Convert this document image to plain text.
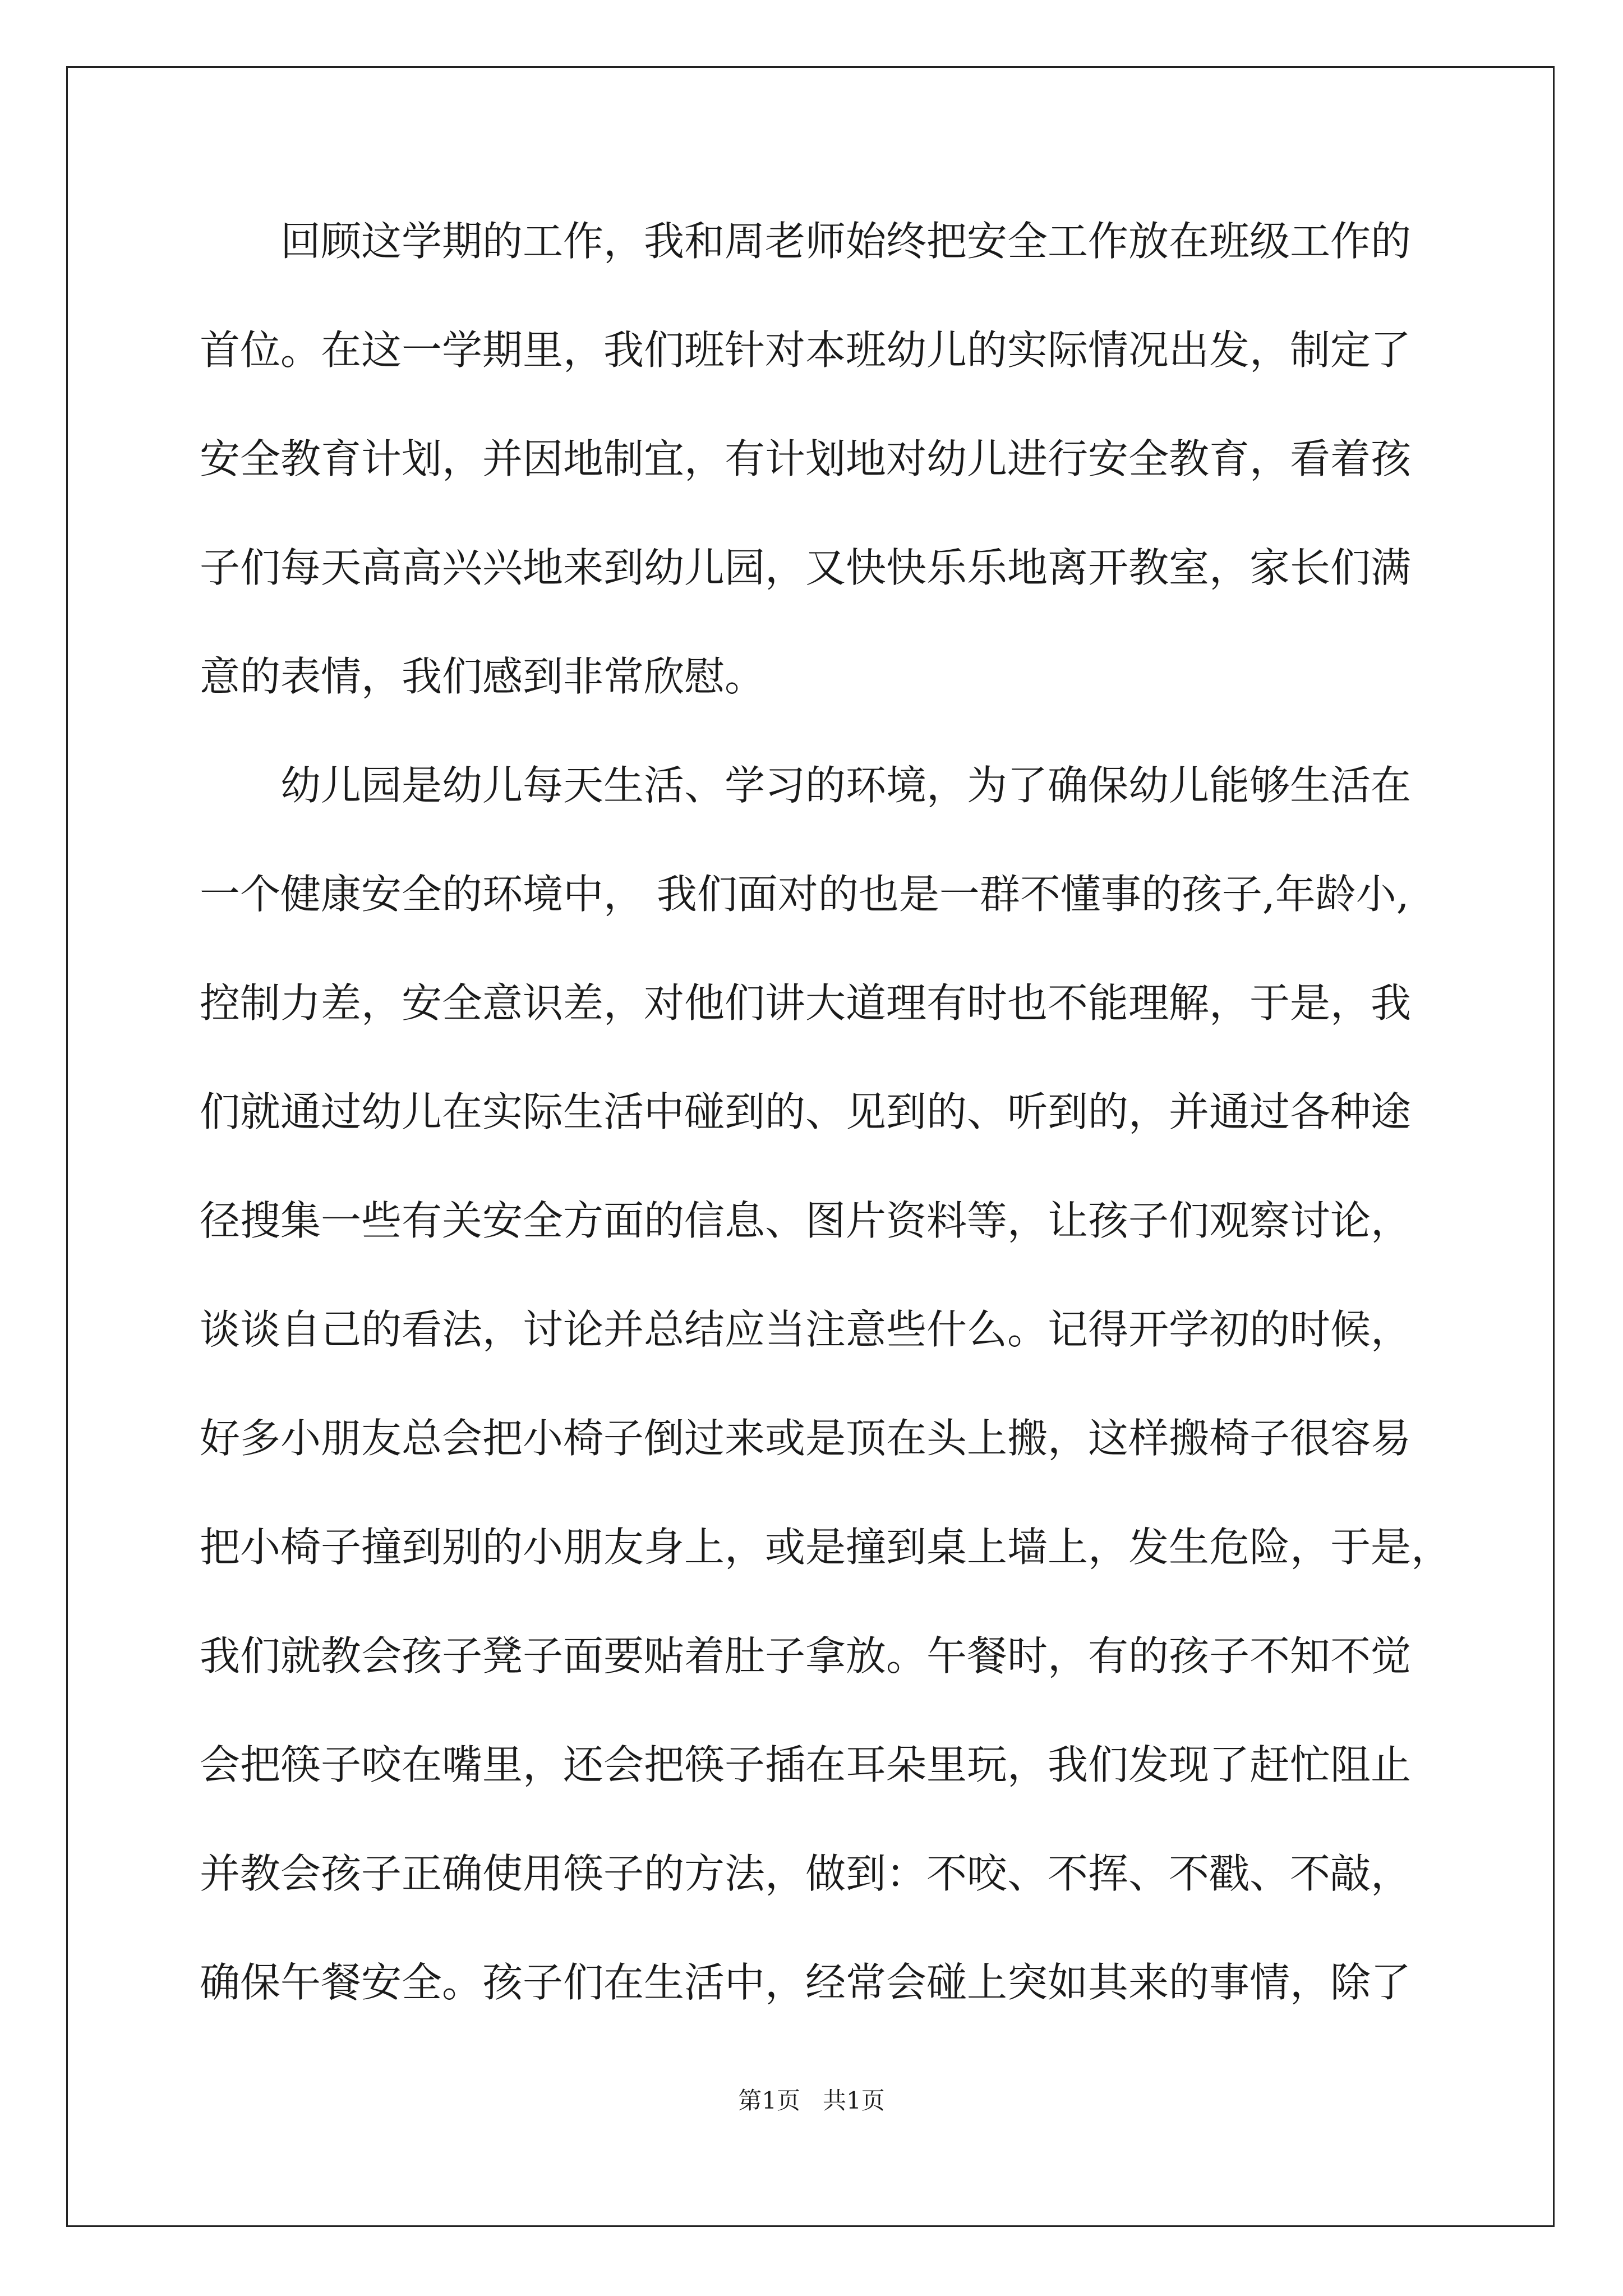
　　回顾这学期的工作，我和周老师始终把安全工作放在班级工作的
首位。在这一学期里，我们班针对本班幼儿的实际情况出发，制定了
安全教育计划，并因地制宜，有计划地对幼儿进行安全教育，看着孩
子们每天高高兴兴地来到幼儿园，又快快乐乐地离开教室，家长们满
意的表情，我们感到非常欣慰。
　　幼儿园是幼儿每天生活、学习的环境，为了确保幼儿能够生活在
一个健康安全的环境中， 我们面对的也是一群不懂事的孩子,年龄小,
控制力差，安全意识差，对他们讲大道理有时也不能理解，于是，我
们就通过幼儿在实际生活中碰到的、见到的、听到的，并通过各种途
径搜集一些有关安全方面的信息、图片资料等，让孩子们观察讨论，
谈谈自己的看法，讨论并总结应当注意些什么。记得开学初的时候，
好多小朋友总会把小椅子倒过来或是顶在头上搬，这样搬椅子很容易
把小椅子撞到别的小朋友身上，或是撞到桌上墙上，发生危险，于是，
我们就教会孩子凳子面要贴着肚子拿放。午餐时，有的孩子不知不觉
会把筷子咬在嘴里，还会把筷子插在耳朵里玩，我们发现了赶忙阻止
并教会孩子正确使用筷子的方法，做到：不咬、不挥、不戳、不敲，
确保午餐安全。孩子们在生活中，经常会碰上突如其来的事情，除了
第1页   共1页
